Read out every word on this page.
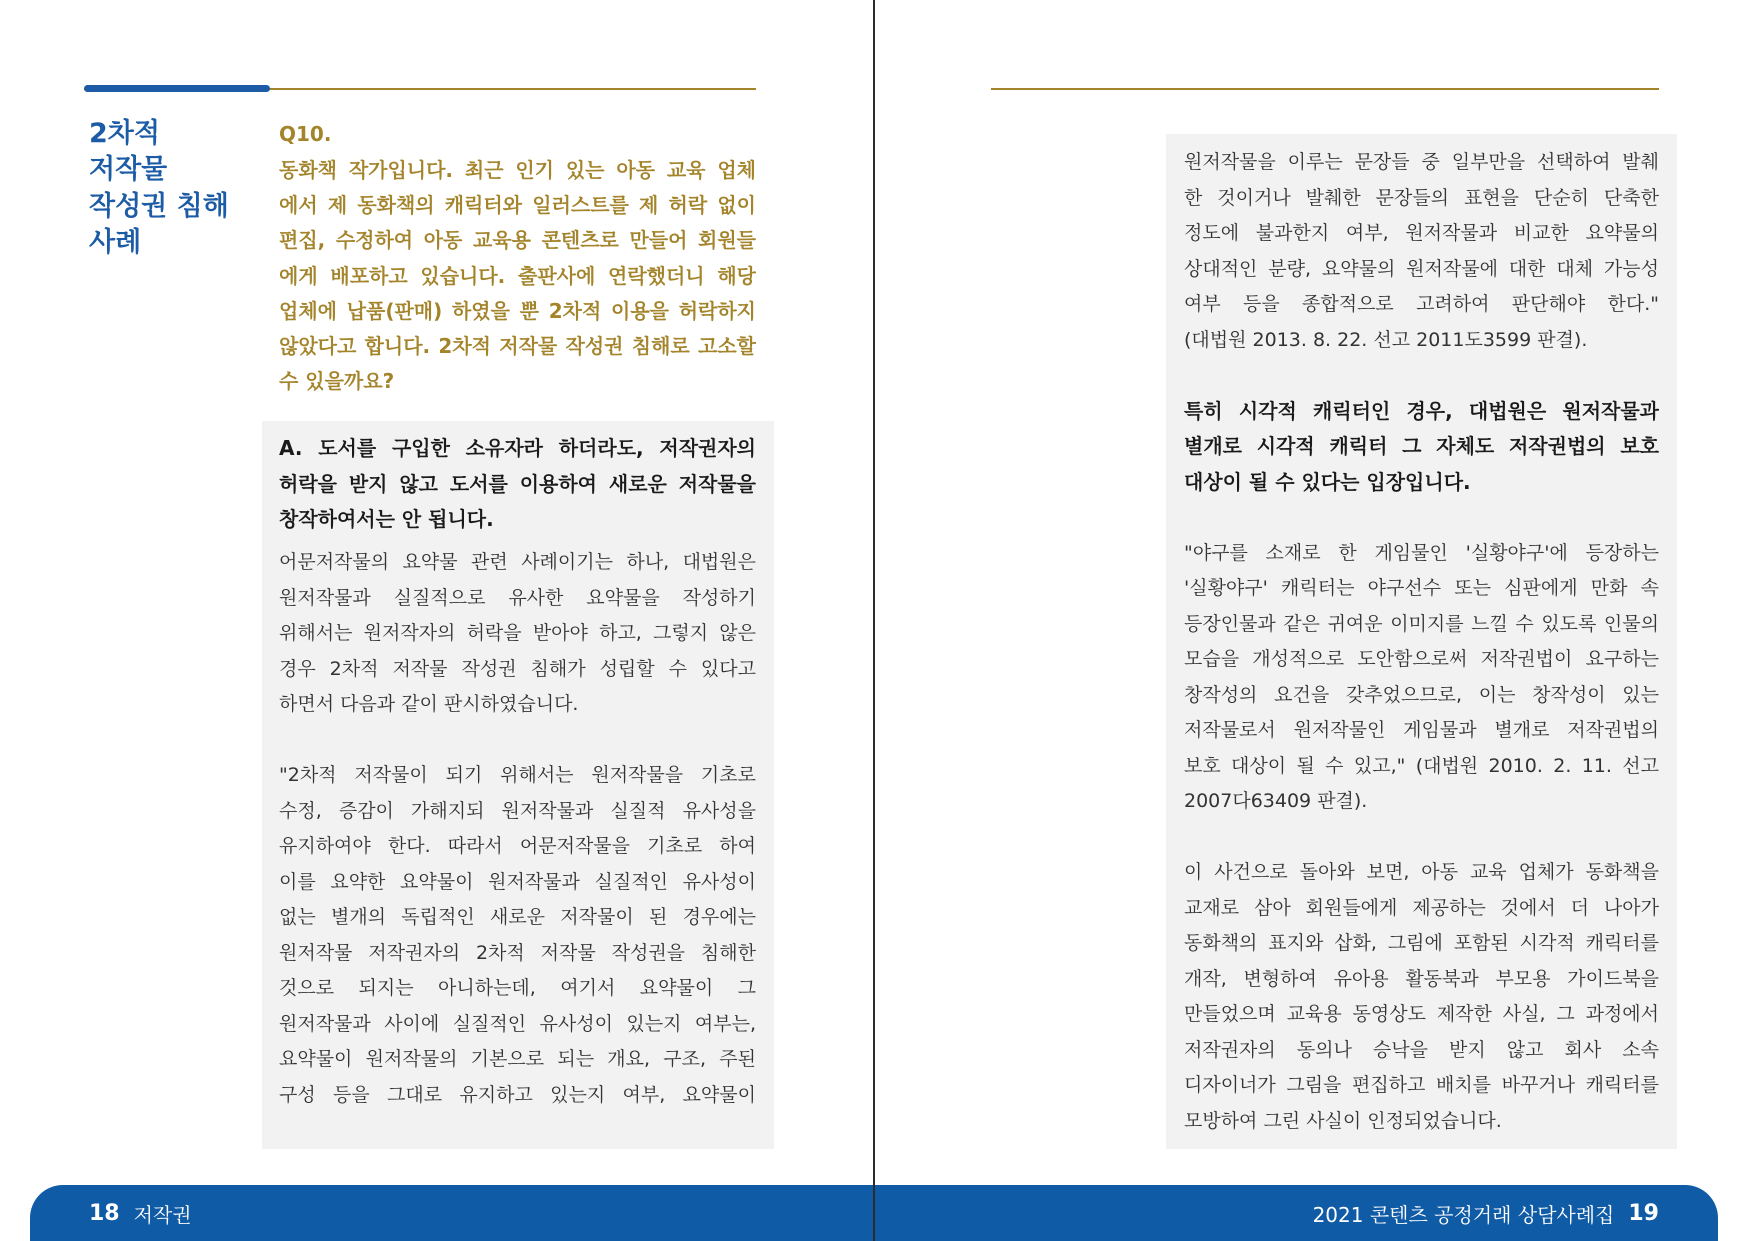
2차적
저작물
작성권 침해
사례
Q10.
동화책 작가입니다. 최근 인기 있는 아동 교육 업체
에서 제 동화책의 캐릭터와 일러스트를 제 허락 없이
편집, 수정하여 아동 교육용 콘텐츠로 만들어 회원들
에게 배포하고 있습니다. 출판사에 연락했더니 해당
업체에 납품(판매) 하였을 뿐 2차적 이용을 허락하지
않았다고 합니다. 2차적 저작물 작성권 침해로 고소할
수 있을까요?
A. 도서를 구입한 소유자라 하더라도, 저작권자의
허락을 받지 않고 도서를 이용하여 새로운 저작물을
창작하여서는 안 됩니다.
어문저작물의 요약물 관련 사례이기는 하나, 대법원은
원저작물과 실질적으로 유사한 요약물을 작성하기
위해서는 원저작자의 허락을 받아야 하고, 그렇지 않은
경우 2차적 저작물 작성권 침해가 성립할 수 있다고
하면서 다음과 같이 판시하였습니다.
"2차적 저작물이 되기 위해서는 원저작물을 기초로
수정, 증감이 가해지되 원저작물과 실질적 유사성을
유지하여야 한다. 따라서 어문저작물을 기초로 하여
이를 요약한 요약물이 원저작물과 실질적인 유사성이
없는 별개의 독립적인 새로운 저작물이 된 경우에는
원저작물 저작권자의 2차적 저작물 작성권을 침해한
것으로 되지는 아니하는데, 여기서 요약물이 그
원저작물과 사이에 실질적인 유사성이 있는지 여부는,
요약물이 원저작물의 기본으로 되는 개요, 구조, 주된
구성 등을 그대로 유지하고 있는지 여부, 요약물이
원저작물을 이루는 문장들 중 일부만을 선택하여 발췌
한 것이거나 발췌한 문장들의 표현을 단순히 단축한
정도에 불과한지 여부, 원저작물과 비교한 요약물의
상대적인 분량, 요약물의 원저작물에 대한 대체 가능성
여부 등을 종합적으로 고려하여 판단해야 한다."
(대법원 2013. 8. 22. 선고 2011도3599 판결).
특히 시각적 캐릭터인 경우, 대법원은 원저작물과
별개로 시각적 캐릭터 그 자체도 저작권법의 보호
대상이 될 수 있다는 입장입니다.
"야구를 소재로 한 게임물인 '실황야구'에 등장하는
'실황야구' 캐릭터는 야구선수 또는 심판에게 만화 속
등장인물과 같은 귀여운 이미지를 느낄 수 있도록 인물의
모습을 개성적으로 도안함으로써 저작권법이 요구하는
창작성의 요건을 갖추었으므로, 이는 창작성이 있는
저작물로서 원저작물인 게임물과 별개로 저작권법의
보호 대상이 될 수 있고," (대법원 2010. 2. 11. 선고
2007다63409 판결).
이 사건으로 돌아와 보면, 아동 교육 업체가 동화책을
교재로 삼아 회원들에게 제공하는 것에서 더 나아가
동화책의 표지와 삽화, 그림에 포함된 시각적 캐릭터를
개작, 변형하여 유아용 활동북과 부모용 가이드북을
만들었으며 교육용 동영상도 제작한 사실, 그 과정에서
저작권자의 동의나 승낙을 받지 않고 회사 소속
디자이너가 그림을 편집하고 배치를 바꾸거나 캐릭터를
모방하여 그린 사실이 인정되었습니다.
18 저작권	2021 콘텐츠 공정거래 상담사례집 19
